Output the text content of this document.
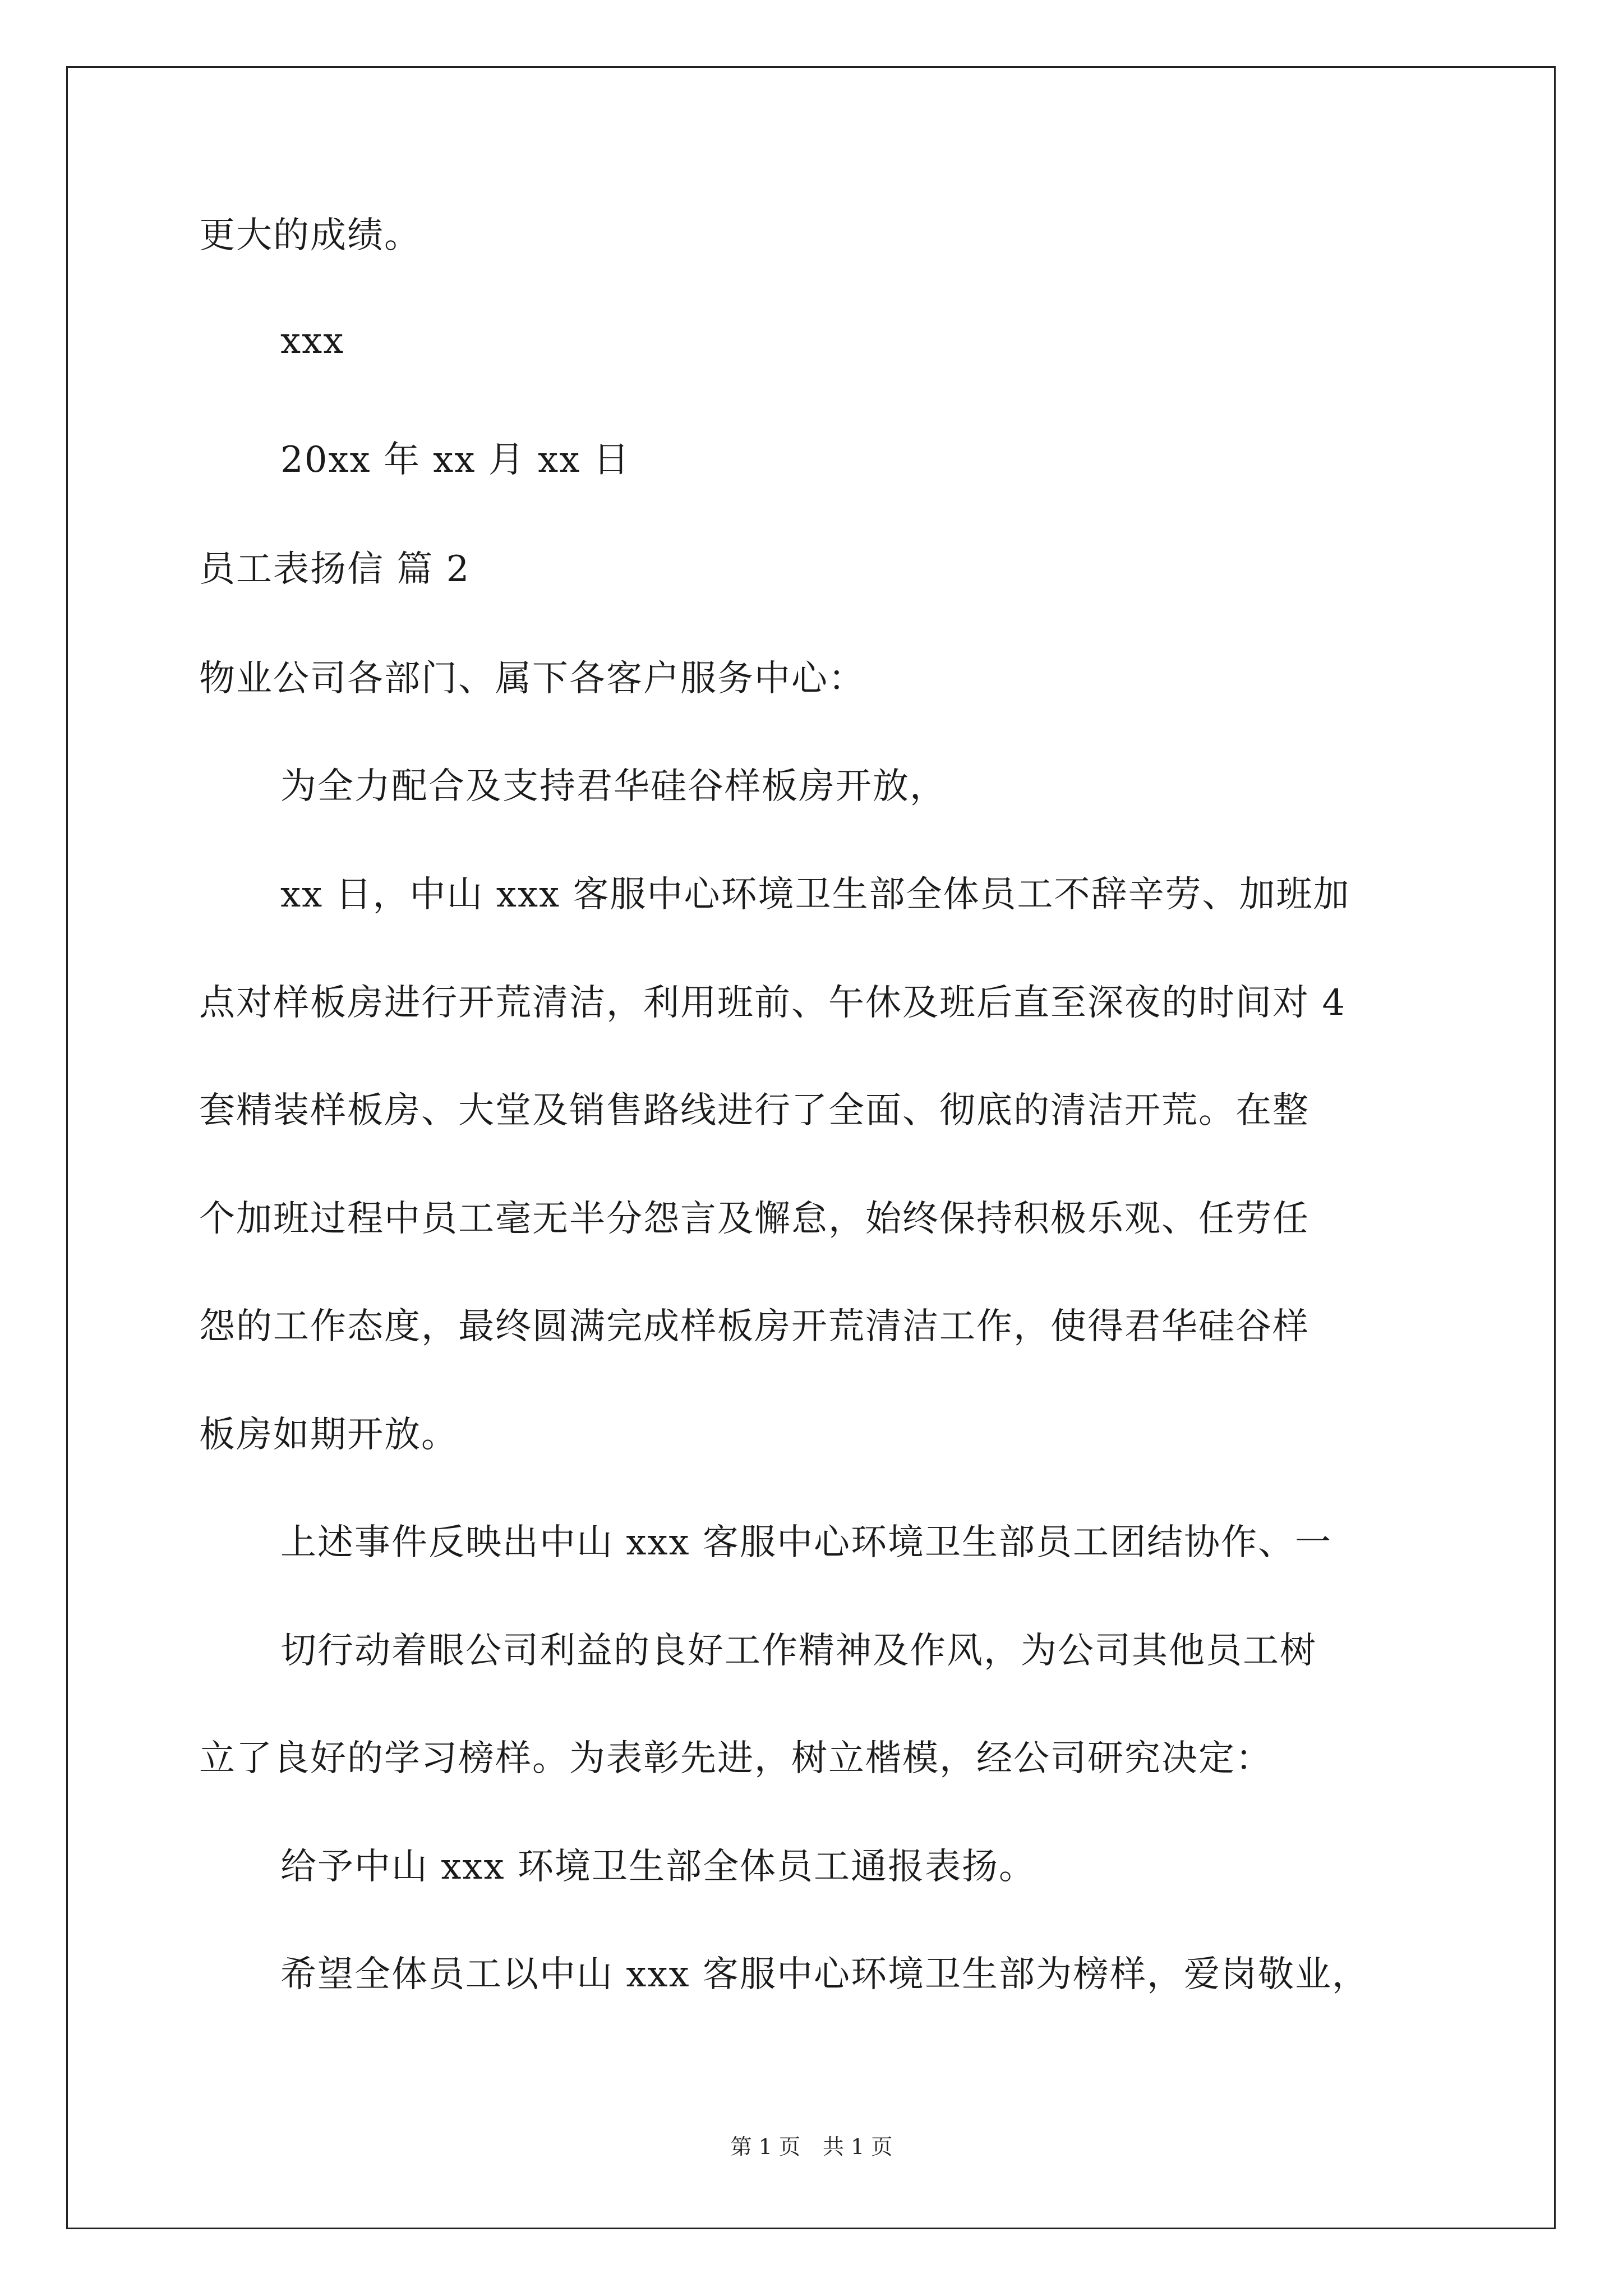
更大的成绩。
xxx
20xx 年 xx 月 xx 日
员工表扬信 篇 2
物业公司各部门、属下各客户服务中心：
为全力配合及支持君华硅谷样板房开放，
xx 日，中山 xxx 客服中心环境卫生部全体员工不辞辛劳、加班加
点对样板房进行开荒清洁，利用班前、午休及班后直至深夜的时间对 4
套精装样板房、大堂及销售路线进行了全面、彻底的清洁开荒。在整
个加班过程中员工毫无半分怨言及懈怠，始终保持积极乐观、任劳任
怨的工作态度，最终圆满完成样板房开荒清洁工作，使得君华硅谷样
板房如期开放。
上述事件反映出中山 xxx 客服中心环境卫生部员工团结协作、一
切行动着眼公司利益的良好工作精神及作风，为公司其他员工树
立了良好的学习榜样。为表彰先进，树立楷模，经公司研究决定：
给予中山 xxx 环境卫生部全体员工通报表扬。
希望全体员工以中山 xxx 客服中心环境卫生部为榜样，爱岗敬业，
第 1 页 共 1 页
